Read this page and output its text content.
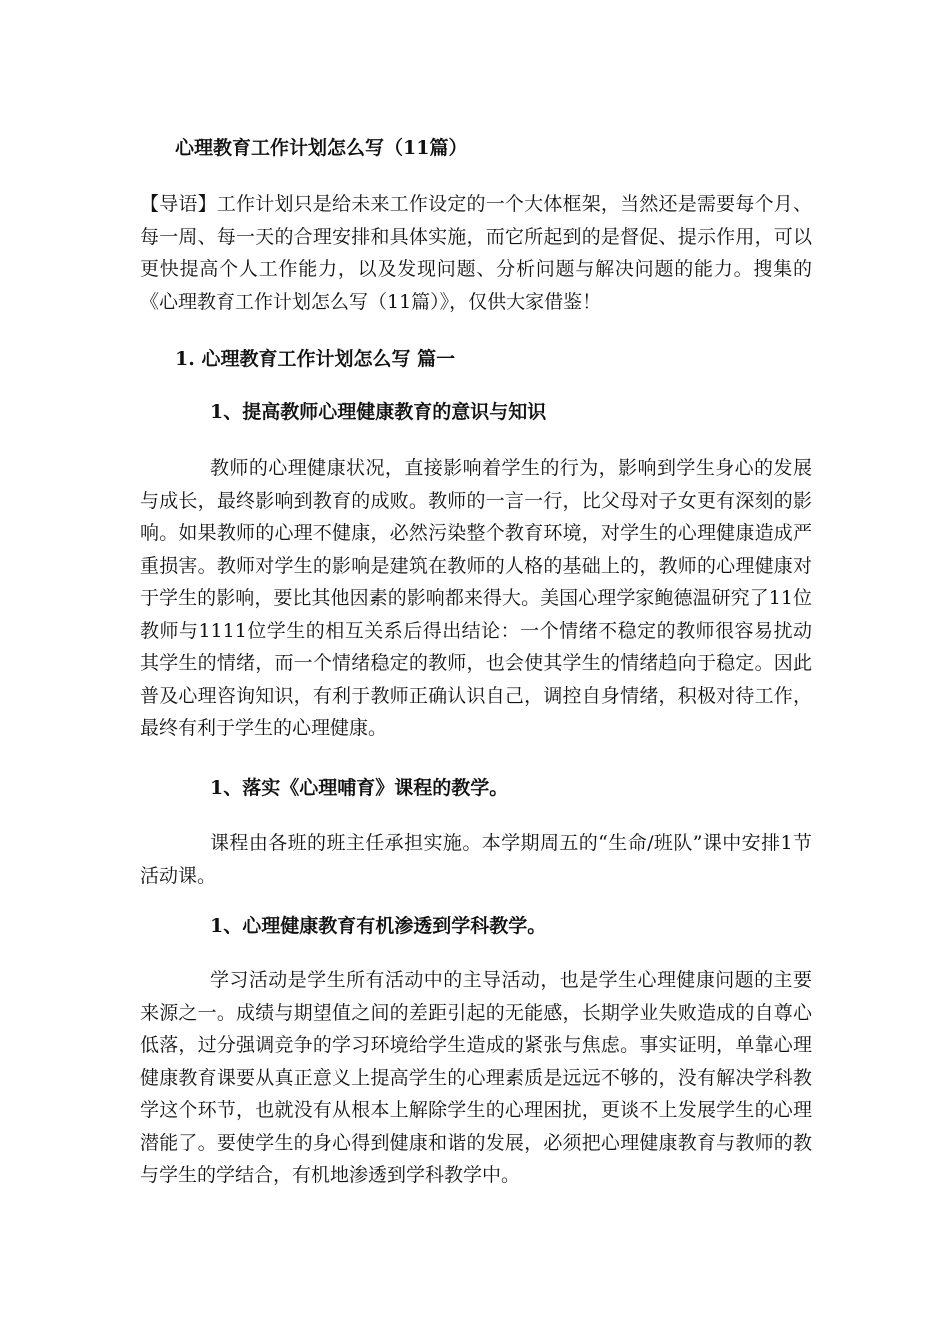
心理教育工作计划怎么写（11篇）

【导语】工作计划只是给未来工作设定的一个大体框架，当然还是需要每个月、每一周、每一天的合理安排和具体实施，而它所起到的是督促、提示作用，可以更快提高个人工作能力，以及发现问题、分析问题与解决问题的能力。搜集的《心理教育工作计划怎么写（11篇）》，仅供大家借鉴！

1. 心理教育工作计划怎么写 篇一
1、提高教师心理健康教育的意识与知识

教师的心理健康状况，直接影响着学生的行为，影响到学生身心的发展与成长，最终影响到教育的成败。教师的一言一行，比父母对子女更有深刻的影响。如果教师的心理不健康，必然污染整个教育环境，对学生的心理健康造成严重损害。教师对学生的影响是建筑在教师的人格的基础上的，教师的心理健康对于学生的影响，要比其他因素的影响都来得大。美国心理学家鲍德温研究了11位教师与1111位学生的相互关系后得出结论：一个情绪不稳定的教师很容易扰动其学生的情绪，而一个情绪稳定的教师，也会使其学生的情绪趋向于稳定。因此普及心理咨询知识，有利于教师正确认识自己，调控自身情绪，积极对待工作，最终有利于学生的心理健康。

1、落实《心理哺育》课程的教学。

课程由各班的班主任承担实施。本学期周五的“生命/班队”课中安排1节活动课。

1、心理健康教育有机渗透到学科教学。

学习活动是学生所有活动中的主导活动，也是学生心理健康问题的主要来源之一。成绩与期望值之间的差距引起的无能感，长期学业失败造成的自尊心低落，过分强调竞争的学习环境给学生造成的紧张与焦虑。事实证明，单靠心理健康教育课要从真正意义上提高学生的心理素质是远远不够的，没有解决学科教学这个环节，也就没有从根本上解除学生的心理困扰，更谈不上发展学生的心理潜能了。要使学生的身心得到健康和谐的发展，必须把心理健康教育与教师的教与学生的学结合，有机地渗透到学科教学中。
